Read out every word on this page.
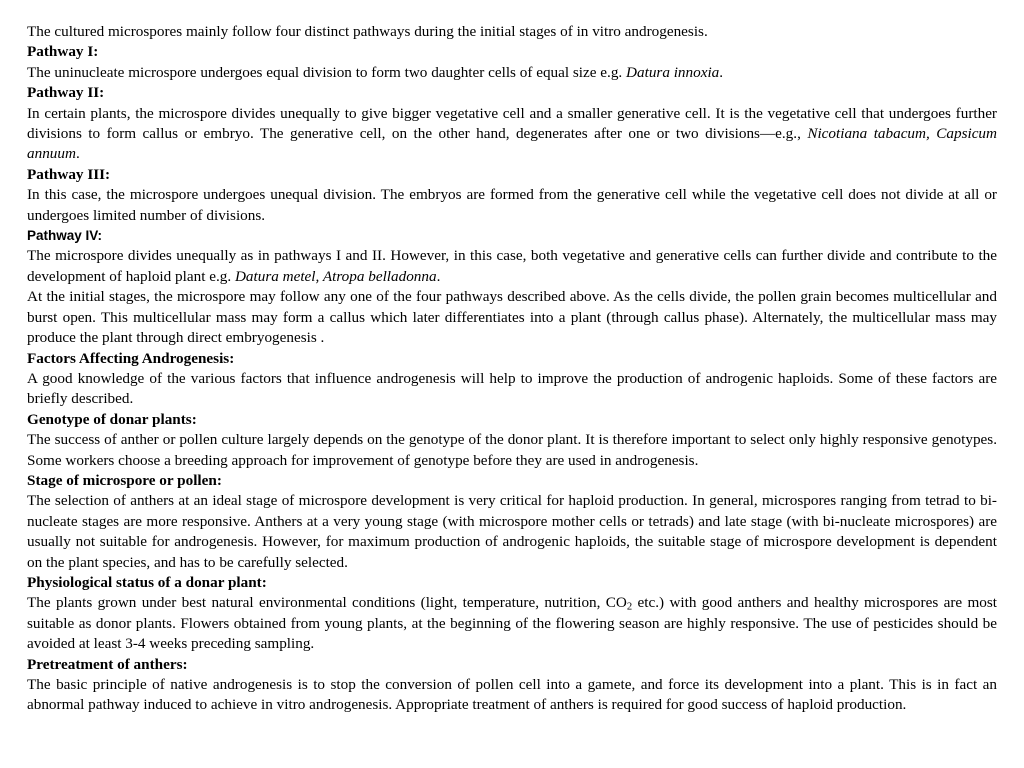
The cultured microspores mainly follow four distinct pathways during the initial stages of in vitro androgenesis.

Pathway I:

The uninucleate microspore undergoes equal division to form two daughter cells of equal size e.g. Datura innoxia.

Pathway II:

In certain plants, the microspore divides unequally to give bigger vegetative cell and a smaller generative cell. It is the vegetative cell that undergoes further divisions to form callus or embryo. The generative cell, on the other hand, degenerates after one or two divisions—e.g., Nicotiana tabacum, Capsicum annuum.

Pathway III:

In this case, the microspore undergoes unequal division. The embryos are formed from the generative cell while the vegetative cell does not divide at all or undergoes limited number of divisions.

Pathway IV:

The microspore divides unequally as in pathways I and II. However, in this case, both vegetative and generative cells can further divide and contribute to the development of haploid plant e.g. Datura metel, Atropa belladonna.

At the initial stages, the microspore may follow any one of the four pathways described above. As the cells divide, the pollen grain becomes multicellular and burst open. This multicellular mass may form a callus which later differentiates into a plant (through callus phase). Alternately, the multicellular mass may produce the plant through direct embryogenesis .

Factors Affecting Androgenesis:

A good knowledge of the various factors that influence androgenesis will help to improve the production of androgenic haploids. Some of these factors are briefly described.

Genotype of donar plants:

The success of anther or pollen culture largely depends on the genotype of the donor plant. It is therefore important to select only highly responsive genotypes. Some workers choose a breeding approach for improvement of genotype before they are used in androgenesis.

Stage of microspore or pollen:

The selection of anthers at an ideal stage of microspore development is very critical for haploid production. In general, microspores ranging from tetrad to bi-nucleate stages are more responsive. Anthers at a very young stage (with microspore mother cells or tetrads) and late stage (with bi-nucleate microspores) are usually not suitable for androgenesis. However, for maximum production of androgenic haploids, the suitable stage of microspore development is dependent on the plant species, and has to be carefully selected.

Physiological status of a donar plant:

The plants grown under best natural environmental conditions (light, temperature, nutrition, $CO_2$ etc.) with good anthers and healthy microspores are most suitable as donor plants. Flowers obtained from young plants, at the beginning of the flowering season are highly responsive. The use of pesticides should be avoided at least 3-4 weeks preceding sampling.

Pretreatment of anthers:

The basic principle of native androgenesis is to stop the conversion of pollen cell into a gamete, and force its development into a plant. This is in fact an abnormal pathway induced to achieve in vitro androgenesis. Appropriate treatment of anthers is required for good success of haploid production.
